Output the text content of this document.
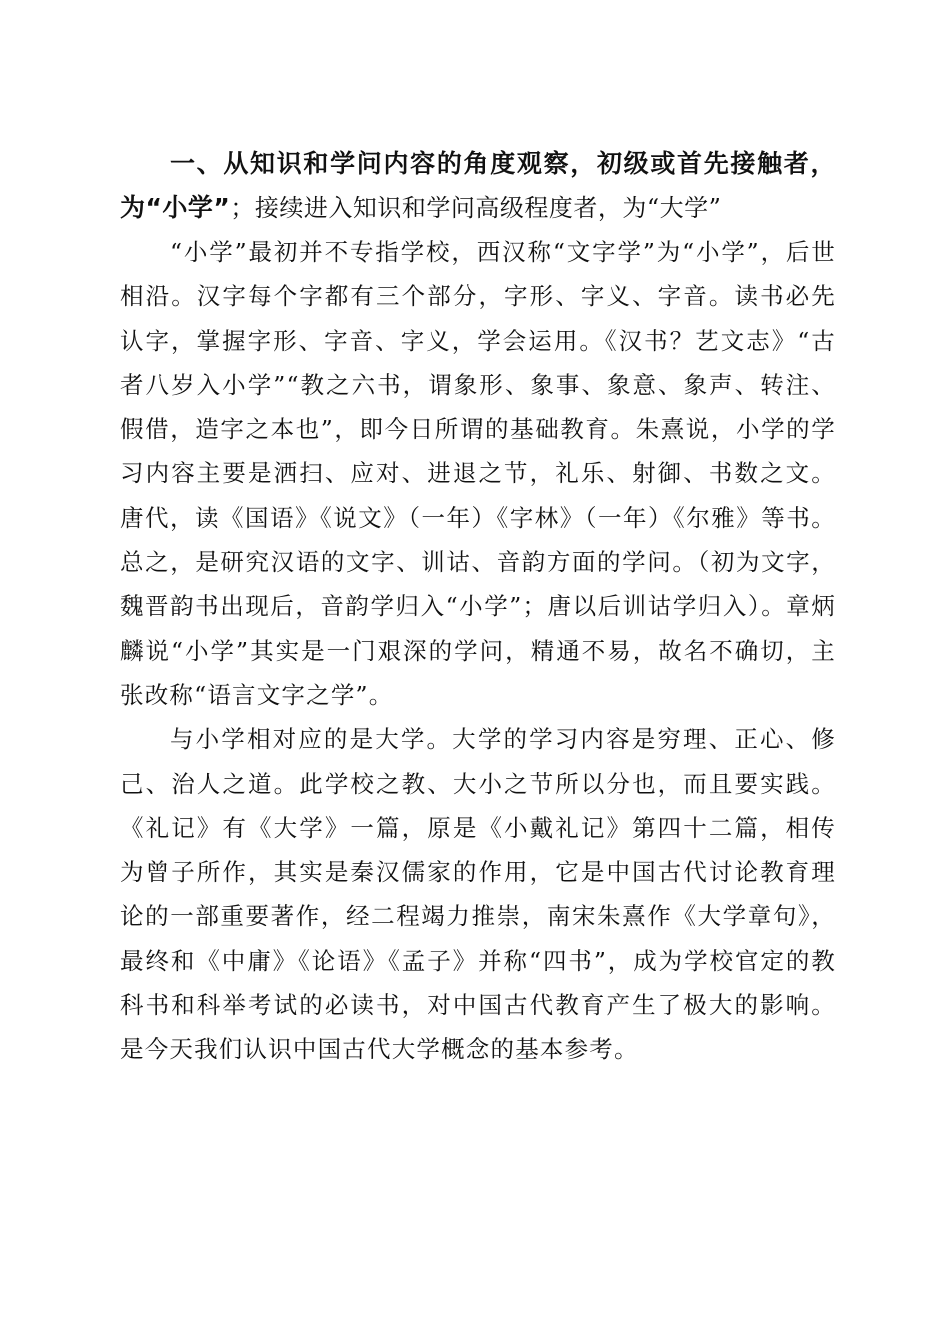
一、从知识和学问内容的角度观察，初级或首先接触者，为“小学”；接续进入知识和学问高级程度者，为“大学”

“小学”最初并不专指学校，西汉称“文字学”为“小学”，后世相沿。汉字每个字都有三个部分，字形、字义、字音。读书必先认字，掌握字形、字音、字义，学会运用。《汉书？艺文志》“古者八岁入小学”“教之六书，谓象形、象事、象意、象声、转注、假借，造字之本也”，即今日所谓的基础教育。朱熹说，小学的学习内容主要是洒扫、应对、进退之节，礼乐、射御、书数之文。唐代，读《国语》《说文》（一年）《字林》（一年）《尔雅》等书。总之，是研究汉语的文字、训诂、音韵方面的学问。（初为文字，魏晋韵书出现后，音韵学归入“小学”；唐以后训诂学归入）。章炳麟说“小学”其实是一门艰深的学问，精通不易，故名不确切，主张改称“语言文字之学”。

与小学相对应的是大学。大学的学习内容是穷理、正心、修己、治人之道。此学校之教、大小之节所以分也，而且要实践。《礼记》有《大学》一篇，原是《小戴礼记》第四十二篇，相传为曾子所作，其实是秦汉儒家的作用，它是中国古代讨论教育理论的一部重要著作，经二程竭力推崇，南宋朱熹作《大学章句》，最终和《中庸》《论语》《孟子》并称“四书”，成为学校官定的教科书和科举考试的必读书，对中国古代教育产生了极大的影响。是今天我们认识中国古代大学概念的基本参考。
